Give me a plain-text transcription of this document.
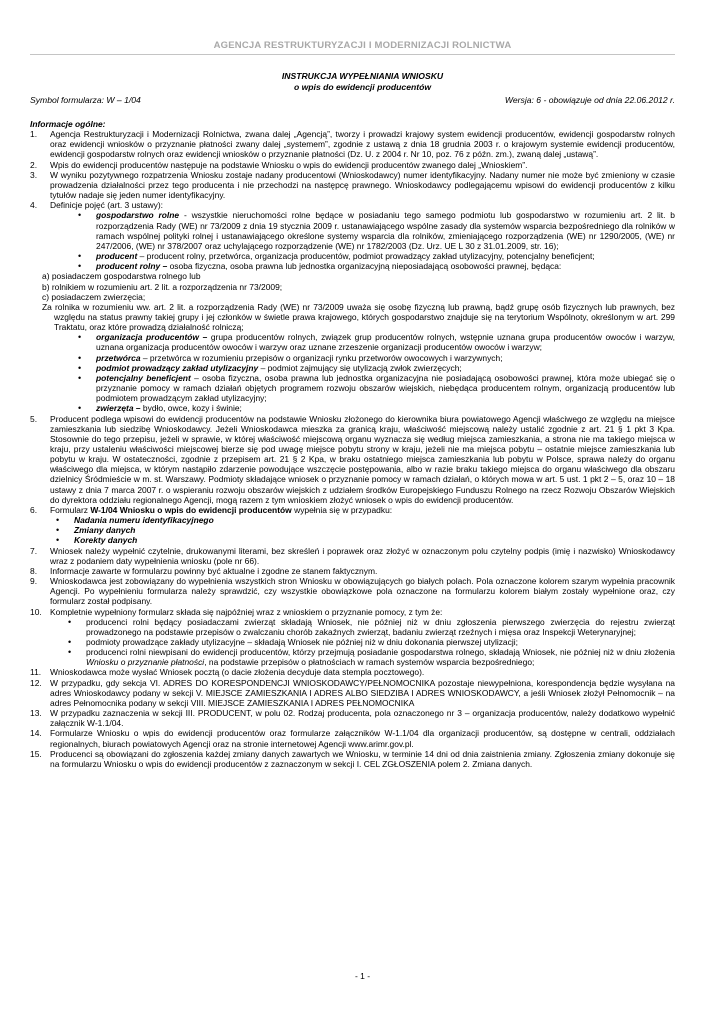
AGENCJA RESTRUKTURYZACJI I MODERNIZACJI ROLNICTWA
INSTRUKCJA WYPEŁNIANIA WNIOSKU
o wpis do ewidencji producentów
Symbol formularza: W – 1/04	Wersja: 6 - obowiązuje od dnia 22.06.2012 r.
Informacje ogólne:
1.	Agencja Restrukturyzacji i Modernizacji Rolnictwa, zwana dalej „Agencją”, tworzy i prowadzi krajowy system ewidencji producentów, ewidencji gospodarstw rolnych oraz ewidencji wniosków o przyznanie płatności zwany dalej „systemem”, zgodnie z ustawą z dnia 18 grudnia 2003 r. o krajowym systemie ewidencji producentów, ewidencji gospodarstw rolnych oraz ewidencji wniosków o przyznanie płatności (Dz. U. z 2004 r. Nr 10, poz. 76 z późn. zm.), zwaną dalej „ustawą”.
2.	Wpis do ewidencji producentów następuje na podstawie Wniosku o wpis do ewidencji producentów zwanego dalej „Wnioskiem”.
3.	W wyniku pozytywnego rozpatrzenia Wniosku zostaje nadany producentowi (Wnioskodawcy) numer identyfikacyjny. Nadany numer nie może być zmieniony w czasie prowadzenia działalności przez tego producenta i nie przechodzi na następcę prawnego. Wnioskodawcy podlegającemu wpisowi do ewidencji producentów z kilku tytułów nadaje się jeden numer identyfikacyjny.
4.	Definicje pojęć (art. 3 ustawy):
•	gospodarstwo rolne - wszystkie nieruchomości rolne będące w posiadaniu tego samego podmiotu lub gospodarstwo w rozumieniu art. 2 lit. b rozporządzenia Rady (WE) nr 73/2009 z dnia 19 stycznia 2009 r. ustanawiającego wspólne zasady dla systemów wsparcia bezpośredniego dla rolników w ramach wspólnej polityki rolnej i ustanawiającego określone systemy wsparcia dla rolników, zmieniającego rozporządzenia (WE) nr 1290/2005, (WE) nr 247/2006, (WE) nr 378/2007 oraz uchylającego rozporządzenie (WE) nr 1782/2003 (Dz. Urz. UE L 30 z 31.01.2009, str. 16);
•	producent – producent rolny, przetwórca, organizacja producentów, podmiot prowadzący zakład utylizacyjny, potencjalny beneficjent;
•	producent rolny – osoba fizyczna, osoba prawna lub jednostka organizacyjną nieposiadającą osobowości prawnej, będąca:
a) posiadaczem gospodarstwa rolnego lub
b) rolnikiem w rozumieniu art. 2 lit. a rozporządzenia nr 73/2009;
c) posiadaczem zwierzęcia;
Za rolnika w rozumieniu ww. art. 2 lit. a rozporządzenia Rady (WE) nr 73/2009 uważa się osobę fizyczną lub prawną, bądź grupę osób fizycznych lub prawnych, bez względu na status prawny takiej grupy i jej członków w świetle prawa krajowego, których gospodarstwo znajduje się na terytorium Wspólnoty, określonym w art. 299 Traktatu, oraz które prowadzą działalność rolniczą;
•	organizacja producentów – grupa producentów rolnych, związek grup producentów rolnych, wstępnie uznana grupa producentów owoców i warzyw, uznana organizacja producentów owoców i warzyw oraz uznane zrzeszenie organizacji producentów owoców i warzyw;
•	przetwórca – przetwórca w rozumieniu przepisów o organizacji rynku przetworów owocowych i warzywnych;
•	podmiot prowadzący zakład utylizacyjny – podmiot zajmujący się utylizacją zwłok zwierzęcych;
•	potencjalny beneficjent – osoba fizyczna, osoba prawna lub jednostka organizacyjna nie posiadającą osobowości prawnej, która może ubiegać się o przyznanie pomocy w ramach działań objętych programem rozwoju obszarów wiejskich, niebędąca producentem rolnym, organizacją producentów lub podmiotem prowadzącym zakład utylizacyjny;
•	zwierzęta – bydło, owce, kozy i świnie;
5.	Producent podlega wpisowi do ewidencji producentów na podstawie Wniosku złożonego do kierownika biura powiatowego Agencji właściwego ze względu na miejsce zamieszkania lub siedzibę Wnioskodawcy. Jeżeli Wnioskodawca mieszka za granicą kraju, właściwość miejscową należy ustalić zgodnie z art. 21 § 1 pkt 3 Kpa. Stosownie do tego przepisu, jeżeli w sprawie, w której właściwość miejscową organu wyznacza się według miejsca zamieszkania, a strona nie ma takiego miejsca w kraju, przy ustaleniu właściwości miejscowej bierze się pod uwagę miejsce pobytu strony w kraju, jeżeli nie ma miejsca pobytu – ostatnie miejsce zamieszkania lub pobytu w kraju. W ostateczności, zgodnie z przepisem art. 21 § 2 Kpa, w braku ostatniego miejsca zamieszkania lub pobytu w Polsce, sprawa należy do organu właściwego dla miejsca, w którym nastąpiło zdarzenie powodujące wszczęcie postępowania, albo w razie braku takiego miejsca do organu właściwego dla obszaru dzielnicy Śródmieście w m. st. Warszawy. Podmioty składające wniosek o przyznanie pomocy w ramach działań, o których mowa w art. 5 ust. 1 pkt 2 – 5, oraz 10 – 18 ustawy z dnia 7 marca 2007 r. o wspieraniu rozwoju obszarów wiejskich z udziałem środków Europejskiego Funduszu Rolnego na rzecz Rozwoju Obszarów Wiejskich do dyrektora oddziału regionalnego Agencji, mogą razem z tym wnioskiem złożyć wniosek o wpis do ewidencji producentów.
6.	Formularz W-1/04 Wniosku o wpis do ewidencji producentów wypełnia się w przypadku:
•	Nadania numeru identyfikacyjnego
•	Zmiany danych
•	Korekty danych
7.	Wniosek należy wypełnić czytelnie, drukowanymi literami, bez skreśleń i poprawek oraz złożyć w oznaczonym polu czytelny podpis (imię i nazwisko) Wnioskodawcy wraz z podaniem daty wypełnienia wniosku (pole nr 66).
8.	Informacje zawarte w formularzu powinny być aktualne i zgodne ze stanem faktycznym.
9.	Wnioskodawca jest zobowiązany do wypełnienia wszystkich stron Wniosku w obowiązujących go białych polach. Pola oznaczone kolorem szarym wypełnia pracownik Agencji. Po wypełnieniu formularza należy sprawdzić, czy wszystkie obowiązkowe pola oznaczone na formularzu kolorem białym zostały wypełnione oraz, czy formularz został podpisany.
10. Kompletnie wypełniony formularz składa się najpóźniej wraz z wnioskiem o przyznanie pomocy, z tym że:
•	producenci rolni będący posiadaczami zwierząt składają Wniosek, nie później niż w dniu zgłoszenia pierwszego zwierzęcia do rejestru zwierząt prowadzonego na podstawie przepisów o zwalczaniu chorób zakaźnych zwierząt, badaniu zwierząt rzeźnych i mięsa oraz Inspekcji Weterynaryjnej;
•	podmioty prowadzące zakłady utylizacyjne – składają Wniosek nie później niż w dniu dokonania pierwszej utylizacji;
•	producenci rolni niewpisani do ewidencji producentów, którzy przejmują posiadanie gospodarstwa rolnego, składają Wniosek, nie później niż w dniu złożenia Wniosku o przyznanie płatności, na podstawie przepisów o płatnościach w ramach systemów wsparcia bezpośredniego;
11.	Wnioskodawca może wysłać Wniosek pocztą (o dacie złożenia decyduje data stempla pocztowego).
12. W przypadku, gdy sekcja VI. ADRES DO KORESPONDENCJI WNIOSKODAWCY/PEŁNOMOCNIKA pozostaje niewypełniona, korespondencja będzie wysyłana na adres Wnioskodawcy podany w sekcji V. MIEJSCE ZAMIESZKANIA I ADRES ALBO SIEDZIBA I ADRES WNIOSKODAWCY, a jeśli Wniosek złożył Pełnomocnik – na adres Pełnomocnika podany w sekcji VIII. MIEJSCE ZAMIESZKANIA I ADRES PEŁNOMOCNIKA
13. W przypadku zaznaczenia w sekcji III. PRODUCENT, w polu 02. Rodzaj producenta, pola oznaczonego nr 3 – organizacja producentów, należy dodatkowo wypełnić załącznik W-1.1/04.
14. Formularze Wniosku o wpis do ewidencji producentów oraz formularze załączników W-1.1/04 dla organizacji producentów, są dostępne w centrali, oddziałach regionalnych, biurach powiatowych Agencji oraz na stronie internetowej Agencji www.arimr.gov.pl.
15. Producenci są obowiązani do zgłoszenia każdej zmiany danych zawartych we Wniosku, w terminie 14 dni od dnia zaistnienia zmiany. Zgłoszenia zmiany dokonuje się na formularzu Wniosku o wpis do ewidencji producentów z zaznaczonym w sekcji I. CEL ZGŁOSZENIA polem 2. Zmiana danych.
- 1 -
